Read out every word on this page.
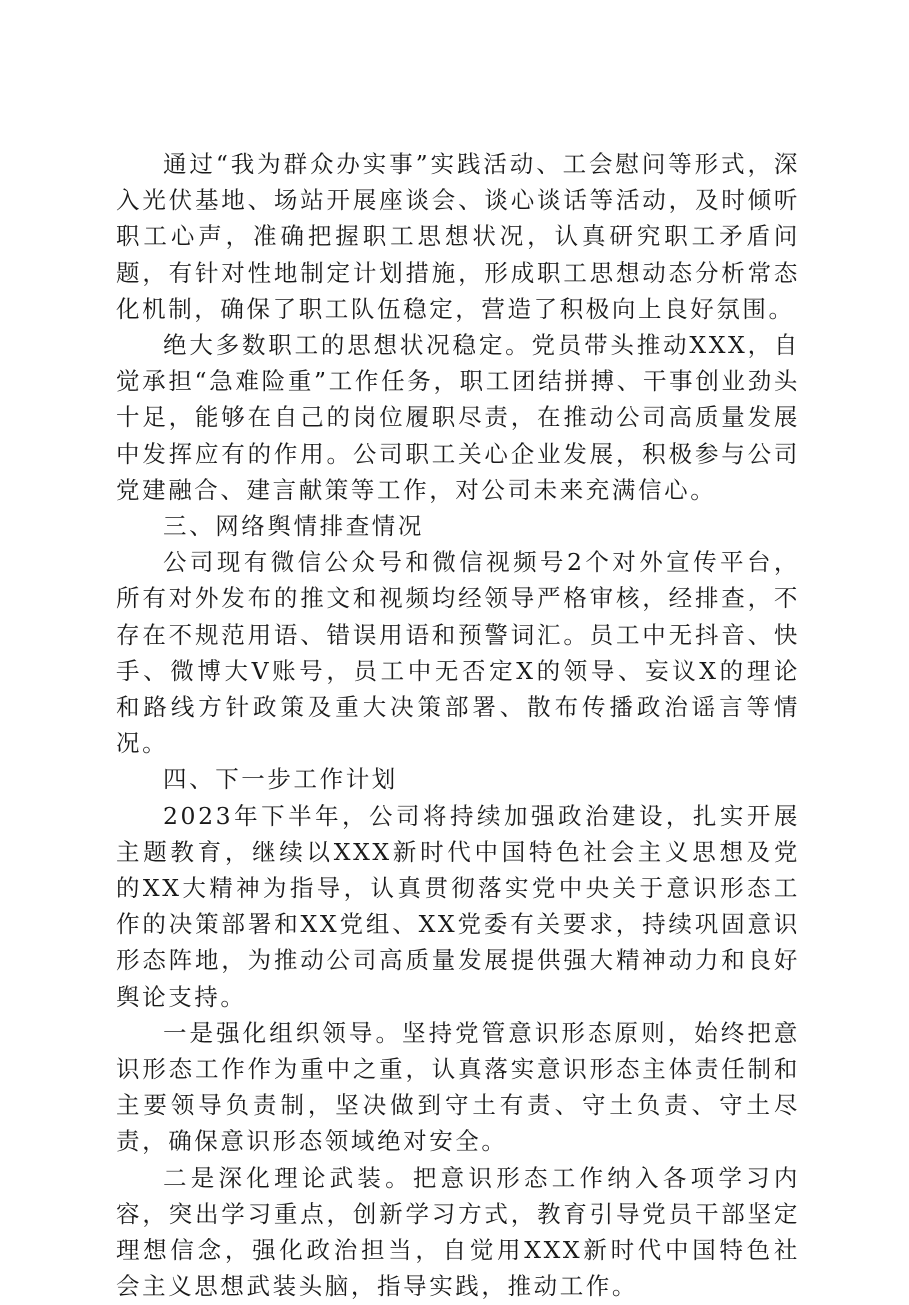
通过“我为群众办实事”实践活动、工会慰问等形式，深入光伏基地、场站开展座谈会、谈心谈话等活动，及时倾听职工心声，准确把握职工思想状况，认真研究职工矛盾问题，有针对性地制定计划措施，形成职工思想动态分析常态化机制，确保了职工队伍稳定，营造了积极向上良好氛围。

绝大多数职工的思想状况稳定。党员带头推动XXX，自觉承担“急难险重”工作任务，职工团结拼搏、干事创业劲头十足，能够在自己的岗位履职尽责，在推动公司高质量发展中发挥应有的作用。公司职工关心企业发展，积极参与公司党建融合、建言献策等工作，对公司未来充满信心。

三、网络舆情排查情况

公司现有微信公众号和微信视频号2个对外宣传平台，所有对外发布的推文和视频均经领导严格审核，经排查，不存在不规范用语、错误用语和预警词汇。员工中无抖音、快手、微博大V账号，员工中无否定X的领导、妄议X的理论和路线方针政策及重大决策部署、散布传播政治谣言等情况。

四、下一步工作计划

2023年下半年，公司将持续加强政治建设，扎实开展主题教育，继续以XXX新时代中国特色社会主义思想及党的XX大精神为指导，认真贯彻落实党中央关于意识形态工作的决策部署和XX党组、XX党委有关要求，持续巩固意识形态阵地，为推动公司高质量发展提供强大精神动力和良好舆论支持。

一是强化组织领导。坚持党管意识形态原则，始终把意识形态工作作为重中之重，认真落实意识形态主体责任制和主要领导负责制，坚决做到守土有责、守土负责、守土尽责，确保意识形态领域绝对安全。

二是深化理论武装。把意识形态工作纳入各项学习内容，突出学习重点，创新学习方式，教育引导党员干部坚定理想信念，强化政治担当，自觉用XXX新时代中国特色社会主义思想武装头脑，指导实践，推动工作。
